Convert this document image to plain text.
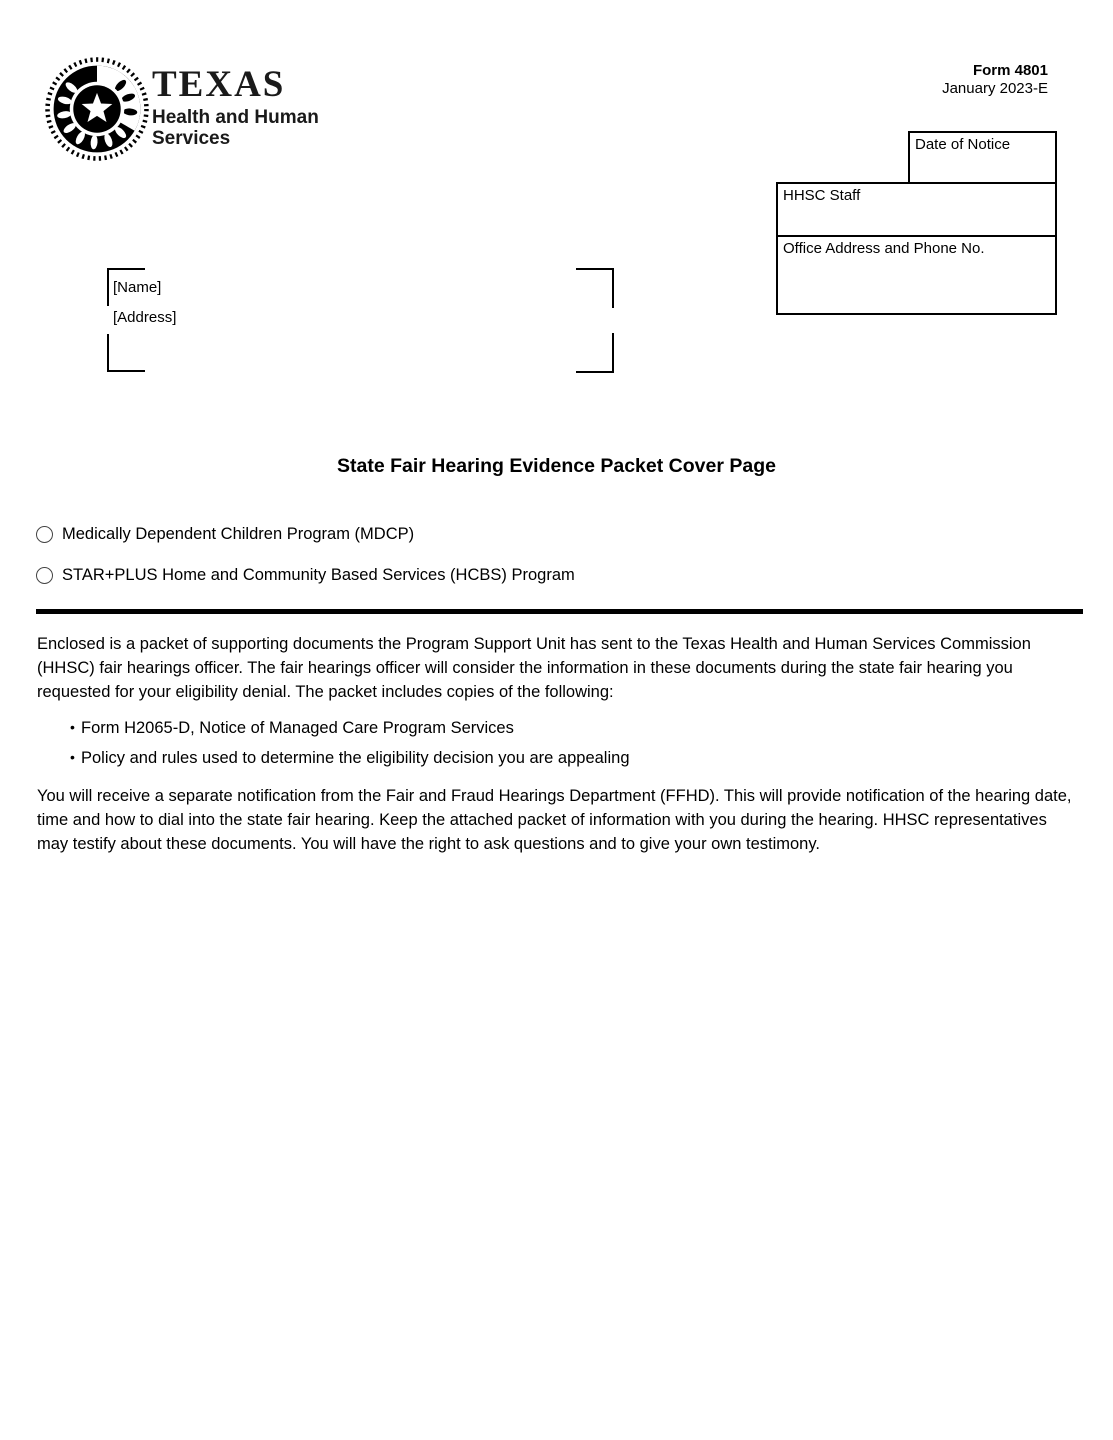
TEXAS
Health and Human
Services
Form 4801
January 2023-E
Date of Notice
HHSC Staff
Office Address and Phone No.
[Name]
[Address]
State Fair Hearing Evidence Packet Cover Page
Medically Dependent Children Program (MDCP)
STAR+PLUS Home and Community Based Services (HCBS) Program
Enclosed is a packet of supporting documents the Program Support Unit has sent to the Texas Health and Human Services Commission (HHSC) fair hearings officer. The fair hearings officer will consider the information in these documents during the state fair hearing you requested for your eligibility denial. The packet includes copies of the following:
• Form H2065-D, Notice of Managed Care Program Services
• Policy and rules used to determine the eligibility decision you are appealing
You will receive a separate notification from the Fair and Fraud Hearings Department (FFHD). This will provide notification of the hearing date, time and how to dial into the state fair hearing. Keep the attached packet of information with you during the hearing. HHSC representatives may testify about these documents. You will have the right to ask questions and to give your own testimony.
